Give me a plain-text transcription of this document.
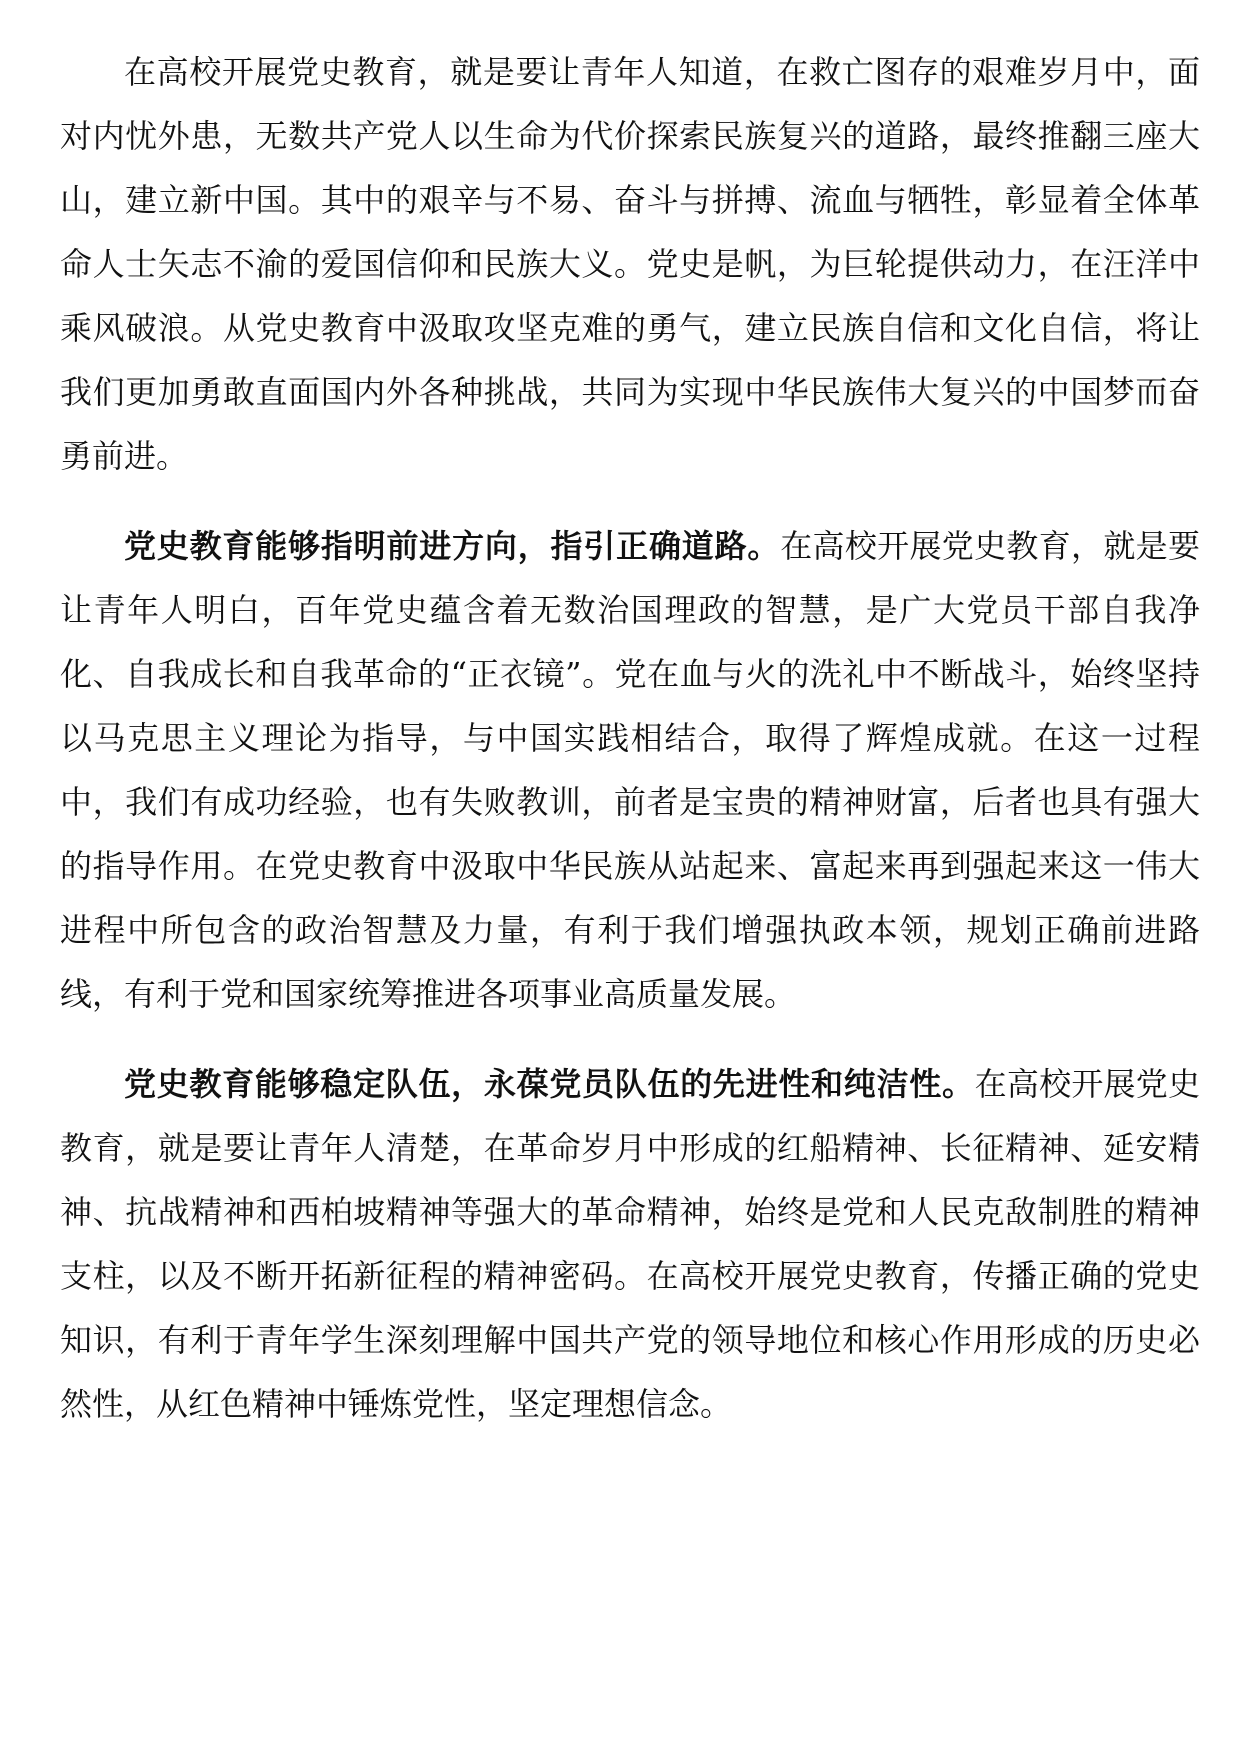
在高校开展党史教育，就是要让青年人知道，在救亡图存的艰难岁月中，面对内忧外患，无数共产党人以生命为代价探索民族复兴的道路，最终推翻三座大山，建立新中国。其中的艰辛与不易、奋斗与拼搏、流血与牺牲，彰显着全体革命人士矢志不渝的爱国信仰和民族大义。党史是帆，为巨轮提供动力，在汪洋中乘风破浪。从党史教育中汲取攻坚克难的勇气，建立民族自信和文化自信，将让我们更加勇敢直面国内外各种挑战，共同为实现中华民族伟大复兴的中国梦而奋勇前进。

党史教育能够指明前进方向，指引正确道路。在高校开展党史教育，就是要让青年人明白，百年党史蕴含着无数治国理政的智慧，是广大党员干部自我净化、自我成长和自我革命的“正衣镜”。党在血与火的洗礼中不断战斗，始终坚持以马克思主义理论为指导，与中国实践相结合，取得了辉煌成就。在这一过程中，我们有成功经验，也有失败教训，前者是宝贵的精神财富，后者也具有强大的指导作用。在党史教育中汲取中华民族从站起来、富起来再到强起来这一伟大进程中所包含的政治智慧及力量，有利于我们增强执政本领，规划正确前进路线，有利于党和国家统筹推进各项事业高质量发展。

党史教育能够稳定队伍，永葆党员队伍的先进性和纯洁性。在高校开展党史教育，就是要让青年人清楚，在革命岁月中形成的红船精神、长征精神、延安精神、抗战精神和西柏坡精神等强大的革命精神，始终是党和人民克敌制胜的精神支柱，以及不断开拓新征程的精神密码。在高校开展党史教育，传播正确的党史知识，有利于青年学生深刻理解中国共产党的领导地位和核心作用形成的历史必然性，从红色精神中锤炼党性，坚定理想信念。
